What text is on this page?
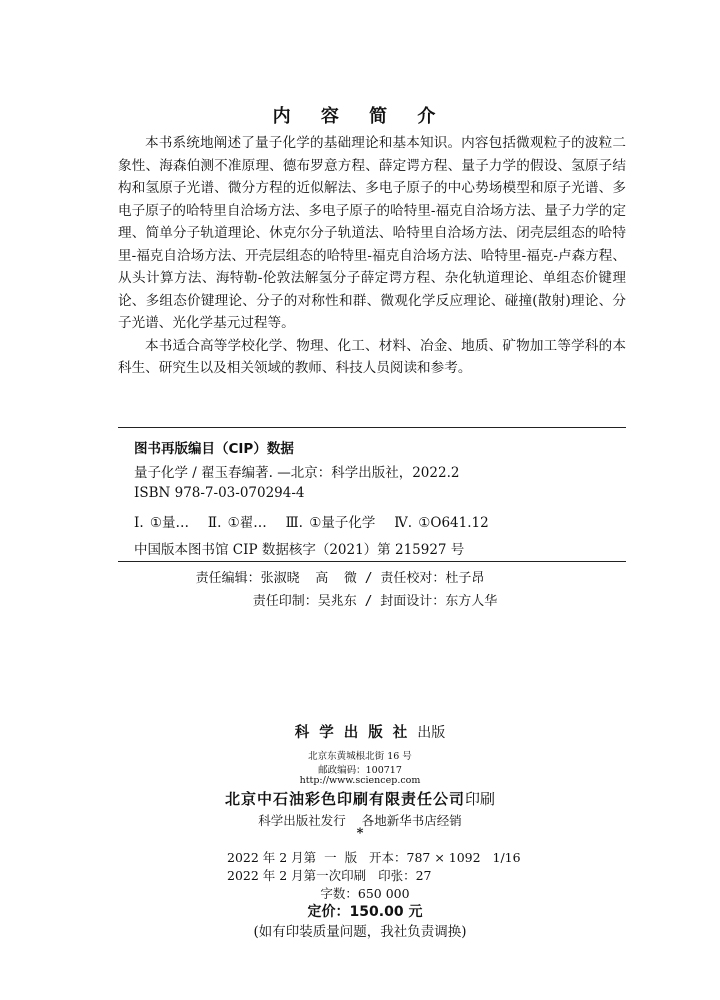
内 容 简 介

本书系统地阐述了量子化学的基础理论和基本知识。内容包括微观粒子的波粒二象性、海森伯测不准原理、德布罗意方程、薛定谔方程、量子力学的假设、氢原子结构和氢原子光谱、微分方程的近似解法、多电子原子的中心势场模型和原子光谱、多电子原子的哈特里自洽场方法、多电子原子的哈特里-福克自洽场方法、量子力学的定理、简单分子轨道理论、休克尔分子轨道法、哈特里自洽场方法、闭壳层组态的哈特里-福克自洽场方法、开壳层组态的哈特里-福克自洽场方法、哈特里-福克-卢森方程、从头计算方法、海特勒-伦敦法解氢分子薛定谔方程、杂化轨道理论、单组态价键理论、多组态价键理论、分子的对称性和群、微观化学反应理论、碰撞(散射)理论、分子光谱、光化学基元过程等。

本书适合高等学校化学、物理、化工、材料、冶金、地质、矿物加工等学科的本科生、研究生以及相关领域的教师、科技人员阅读和参考。

图书再版编目（CIP）数据
量子化学 / 翟玉春编著. —北京：科学出版社，2022.2
ISBN 978-7-03-070294-4
Ⅰ. ①量…   Ⅱ. ①翟…   Ⅲ. ①量子化学   Ⅳ. ①O641.12
中国版本图书馆 CIP 数据核字（2021）第 215927 号
责任编辑：张淑晓  高  微 / 责任校对：杜子昂
责任印制：吴兆东 / 封面设计：东方人华
科学出版社出版
北京东黄城根北街 16 号
邮政编码：100717
http://www.sciencep.com
北京中石油彩色印刷有限责任公司印刷
科学出版社发行  各地新华书店经销
*
2022 年 2 月第  一  版   开本：787 × 1092   1/16
2022 年 2 月第一次印刷   印张：27
字数：650 000
定价：150.00 元
(如有印装质量问题，我社负责调换)
